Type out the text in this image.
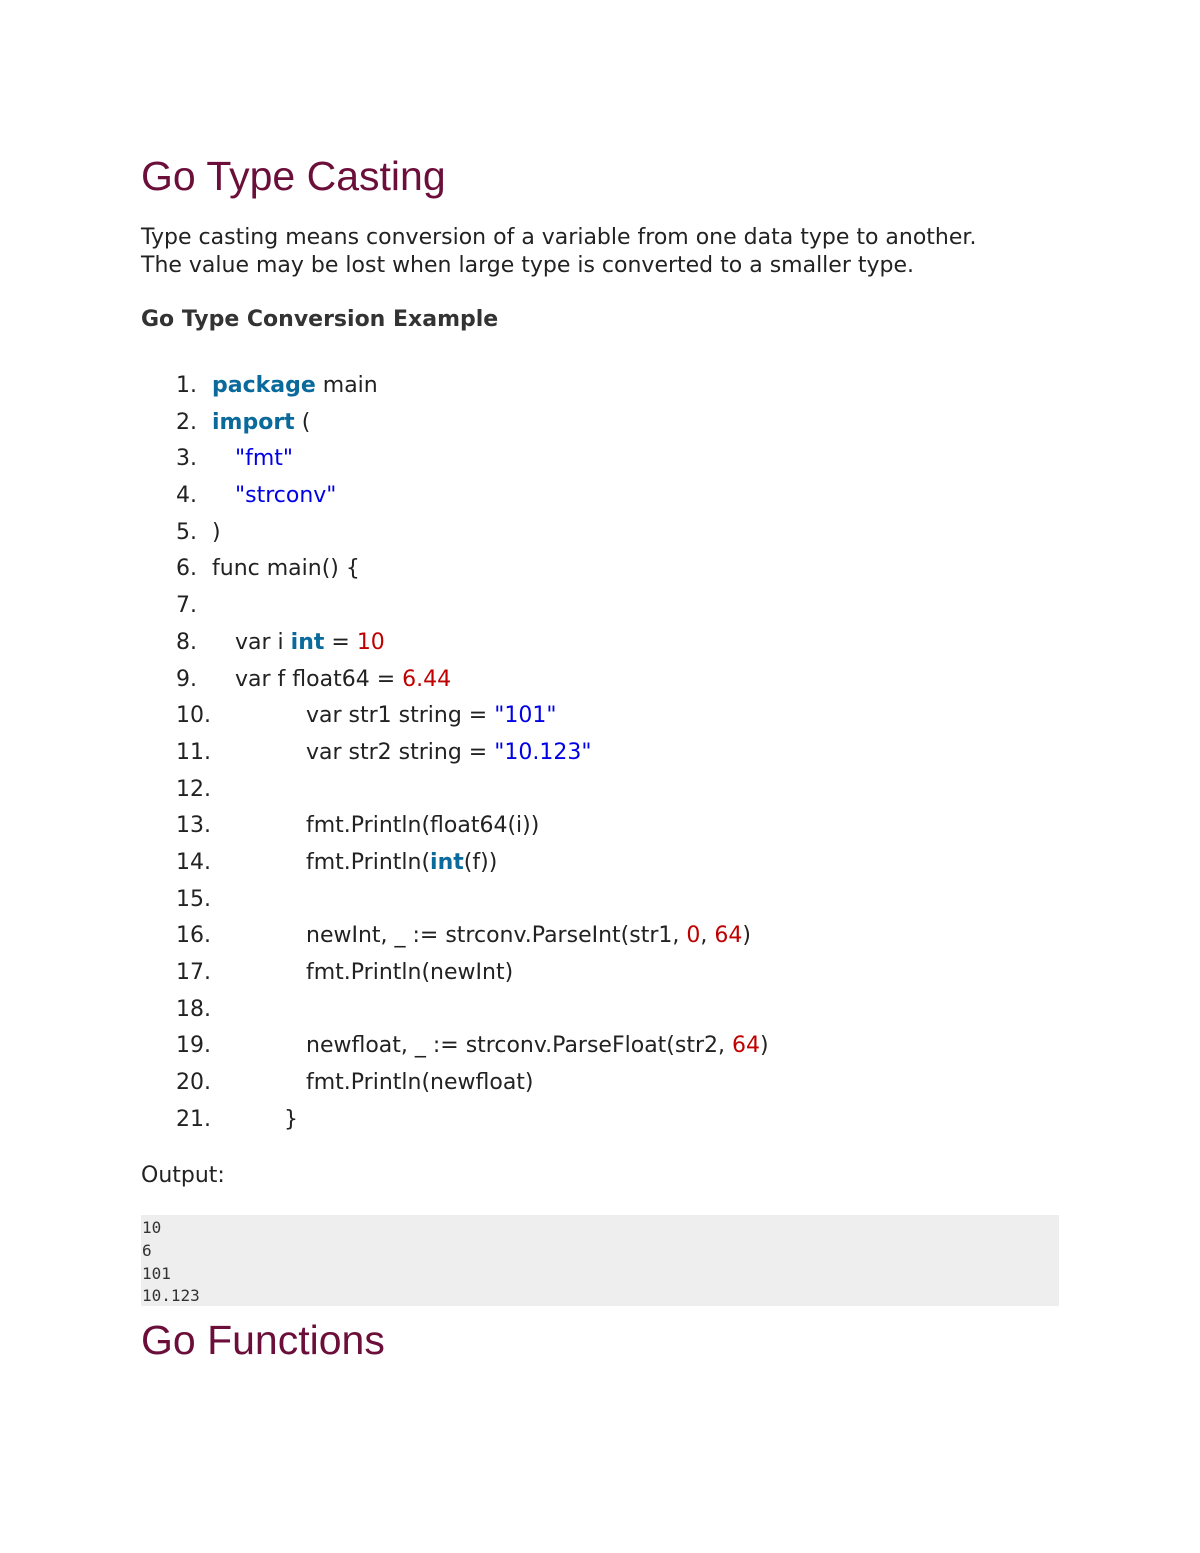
Go Type Casting

Type casting means conversion of a variable from one data type to another.
The value may be lost when large type is converted to a smaller type.

Go Type Conversion Example
1. package main
2. import (
3. "fmt"
4. "strconv"
5. )
6. func main() {
7.
8. var i int = 10
9. var f float64 = 6.44
10.	var str1 string = "101"
11.	var str2 string = "10.123"
12.
13.	fmt.Println(float64(i))
14.	fmt.Println(int(f))
15.
16.	newInt, _ := strconv.ParseInt(str1, 0, 64)
17.	fmt.Println(newInt)
18.
19.	newfloat, _ := strconv.ParseFloat(str2, 64)
20.	fmt.Println(newfloat)
21.	}

Output:

10
6
101
10.123
Go Functions
